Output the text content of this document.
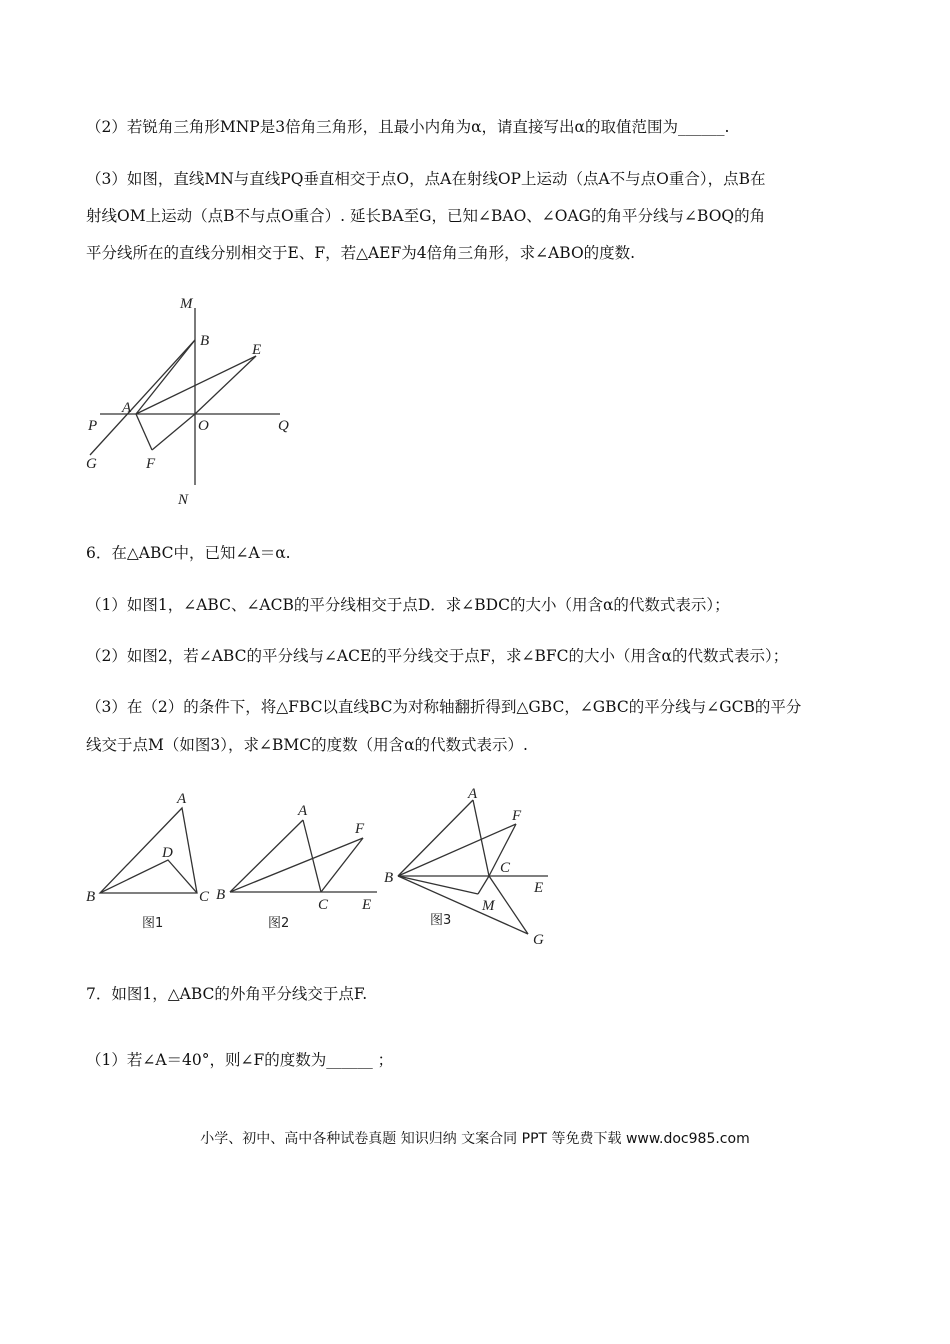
（2）若锐角三角形MNP是3倍角三角形，且最小内角为α，请直接写出α的取值范围为______.
（3）如图，直线MN与直线PQ垂直相交于点O，点A在射线OP上运动（点A不与点O重合），点B在
射线OM上运动（点B不与点O重合）. 延长BA至G，已知∠BAO、∠OAG的角平分线与∠BOQ的角
平分线所在的直线分别相交于E、F，若△AEF为4倍角三角形，求∠ABO的度数.
M
B
E
A
P	O	Q
G	F
N
6．在△ABC中，已知∠A＝α.
（1）如图1，∠ABC、∠ACB的平分线相交于点D．求∠BDC的大小（用含α的代数式表示）；
（2）如图2，若∠ABC的平分线与∠ACE的平分线交于点F，求∠BFC的大小（用含α的代数式表示）；
（3）在（2）的条件下，将△FBC以直线BC为对称轴翻折得到△GBC，∠GBC的平分线与∠GCB的平分
线交于点M（如图3），求∠BMC的度数（用含α的代数式表示）.
A
D
B	C
图1
A
F
B
C E
图2
A
F
C
B
E
M
G
图3
7．如图1，△ABC的外角平分线交于点F.
（1）若∠A＝40°，则∠F的度数为______ ；
小学、初中、高中各种试卷真题 知识归纳 文案合同 PPT 等免费下载 www.doc985.com
